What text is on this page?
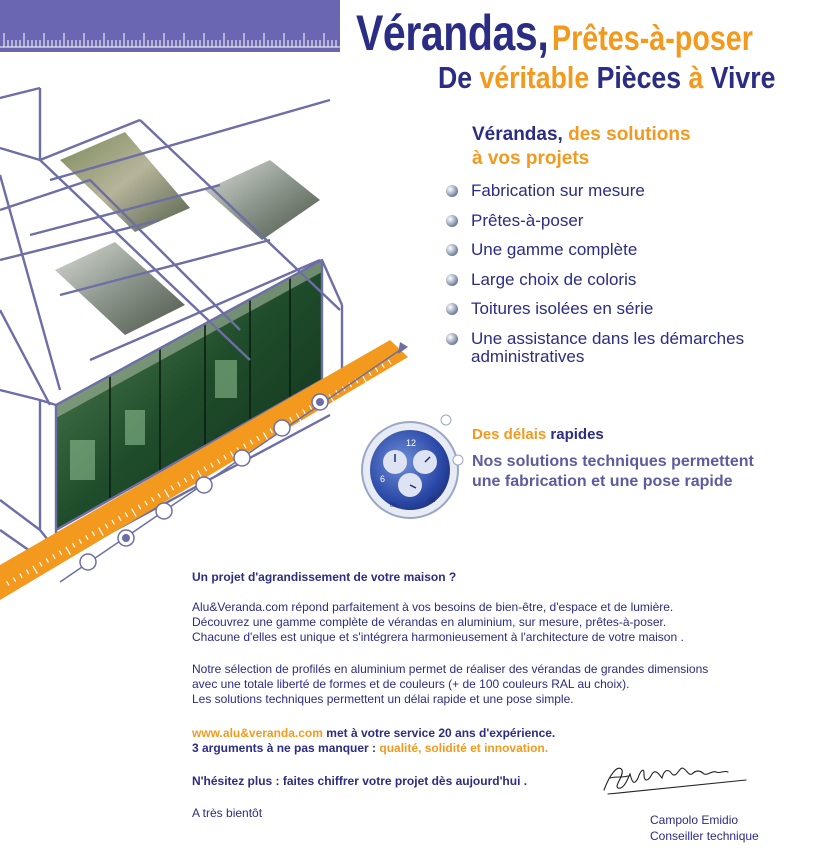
Vérandas, Prêtes-à-poser
De véritable Pièces à Vivre
Vérandas, des solutions
à vos projets
Fabrication sur mesure
Prêtes-à-poser
Une gamme complète
Large choix de coloris
Toitures isolées en série
Une assistance dans les démarches administratives
12
6
0h
0E
Des délais rapides
Nos solutions techniques permettent
une fabrication et une pose rapide
Un projet d'agrandissement de votre maison ?
Alu&Veranda.com répond parfaitement à vos besoins de bien-être, d'espace et de lumière.
Découvrez une gamme complète de vérandas en aluminium, sur mesure, prêtes-à-poser.
Chacune d'elles est unique et s'intégrera harmonieusement à l'architecture de votre maison .
Notre sélection de profilés en aluminium permet de réaliser des vérandas de grandes dimensions
avec une totale liberté de formes et de couleurs (+ de 100 couleurs RAL au choix).
Les solutions techniques permettent un délai rapide et une pose simple.
www.alu&veranda.com met à votre service 20 ans d'expérience.
3 arguments à ne pas manquer : qualité, solidité et innovation.
N'hésitez plus : faites chiffrer votre projet dès aujourd'hui .
A très bientôt	Campolo Emidio
Conseiller technique
